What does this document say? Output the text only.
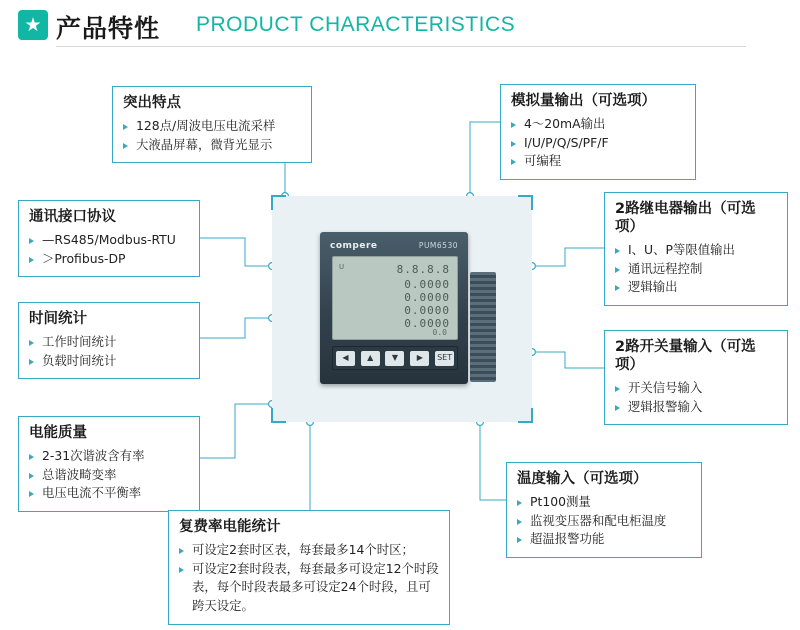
★ 产品特性 PRODUCT CHARACTERISTICS
compere	PUM6530
U	8.8.8.8
0.0000
0.0000
0.0000
0.0000
0.0
◀	▲	▼	▶	SET
突出特点
128点/周波电压电流采样
大液晶屏幕，微背光显示
模拟量输出（可选项）
4～20mA输出
I/U/P/Q/S/PF/F
可编程
通讯接口协议
—RS485/Modbus-RTU
＞Profibus-DP
2路继电器输出（可选项）
I、U、P等限值输出
通讯远程控制
逻辑输出
时间统计
工作时间统计
负载时间统计
2路开关量输入（可选项）
开关信号输入
逻辑报警输入
电能质量
2-31次谐波含有率
总谐波畸变率
电压电流不平衡率
温度输入（可选项）
Pt100测量
监视变压器和配电柜温度
超温报警功能
复费率电能统计
可设定2套时区表，每套最多14个时区；
可设定2套时段表，每套最多可设定12个时段表，每个时段表最多可设定24个时段，且可跨天设定。
